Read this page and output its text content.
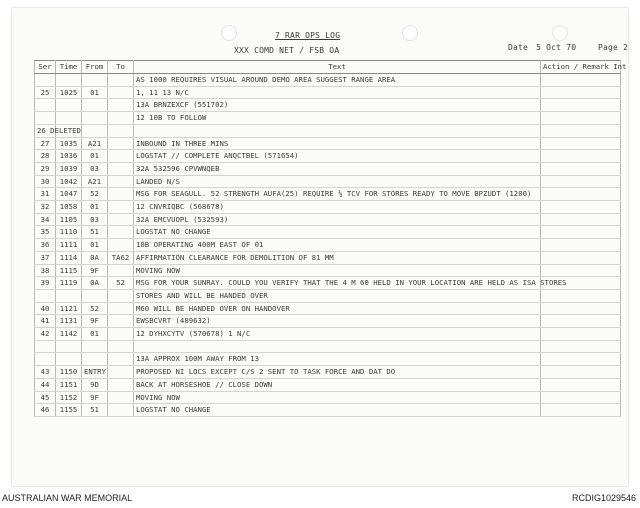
7 RAR OPS LOG
XXX COMD NET / FSB OA	Date 5 Oct 70	Page 2
Ser	Time	From	To	Text	Action / Remark Int
				AS 1000 REQUIRES VISUAL AROUND DEMO AREA SUGGEST RANGE AREA	
25	1025	01		1, 11 13 N/C	
				13A BRNZEXCF (551702)	
				12 10B TO FOLLOW	
26 DELETED					
27	1035	A21		INBOUND IN THREE MINS	
28	1036	01		LOGSTAT // COMPLETE ANQCTBEL (571654)	
29	1039	03		32A 532596 CPVWNQEB	
30	1042	A21		LANDED N/S	
31	1047	52		MSG FOR SEAGULL. 52 STRENGTH AUFA(25) REQUIRE ½ TCV FOR STORES READY TO MOVE BPZUDT (1200)	
32	1058	01		12 CNVRIQBC (568678)	
34	1105	03		32A EMCVUOPL (532593)	
35	1110	51		LOGSTAT NO CHANGE	
36	1111	01		10B OPERATING 400M EAST OF 01	
37	1114	0A	TA62	AFFIRMATION CLEARANCE FOR DEMOLITION OF 81 MM	
38	1115	9F		MOVING NOW	
39	1119	0A	52	MSG FOR YOUR SUNRAY. COULD YOU VERIFY THAT THE 4 M 60 HELD IN YOUR LOCATION ARE HELD AS ISA STORES	
				STORES AND WILL BE HANDED OVER	
40	1121	52		M60 WILL BE HANDED OVER ON HANDOVER	
41	1131	9F		EWSBCVRT (489632)	
42	1142	01		12 DYHXCYTV (570678) 1 N/C	

				13A APPROX 100M AWAY FROM 13	
43	1150	ENTRY		PROPOSED NI LOCS EXCEPT C/S 2 SENT TO TASK FORCE AND DAT DO	
44	1151	9D		BACK AT HORSESHOE // CLOSE DOWN	
45	1152	9F		MOVING NOW	
46	1155	51		LOGSTAT NO CHANGE	
AUSTRALIAN WAR MEMORIAL	RCDIG1029546
